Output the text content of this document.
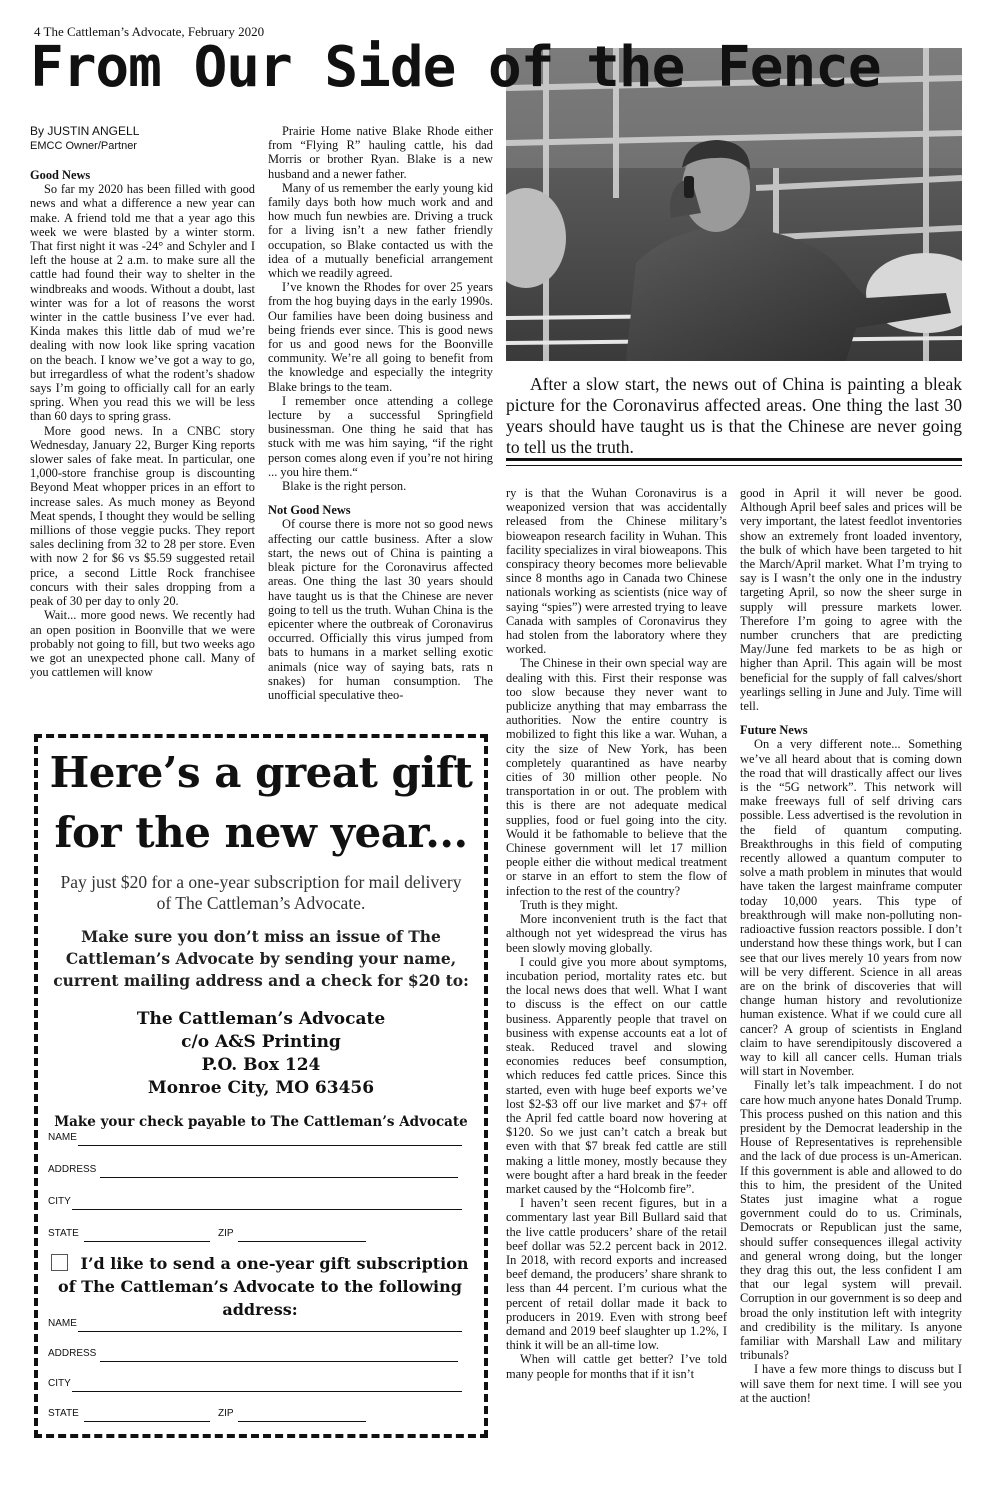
4 The Cattleman’s Advocate, February 2020
From Our Side of the Fence
After a slow start, the news out of China is painting a bleak picture for the Coronavirus affected areas. One thing the last 30 years should have taught us is that the Chinese are never going to tell us the truth.
By JUSTIN ANGELL
EMCC Owner/Partner
Good News

So far my 2020 has been filled with good news and what a difference a new year can make. A friend told me that a year ago this week we were blasted by a winter storm. That first night it was -24° and Schyler and I left the house at 2 a.m. to make sure all the cattle had found their way to shelter in the windbreaks and woods. Without a doubt, last winter was for a lot of reasons the worst winter in the cattle business I’ve ever had. Kinda makes this little dab of mud we’re dealing with now look like spring vacation on the beach. I know we’ve got a way to go, but irregardless of what the rodent’s shadow says I’m going to officially call for an early spring. When you read this we will be less than 60 days to spring grass.

More good news. In a CNBC story Wednesday, January 22, Burger King reports slower sales of fake meat. In particular, one 1,000-store franchise group is discounting Beyond Meat whopper prices in an effort to increase sales. As much money as Beyond Meat spends, I thought they would be selling millions of those veggie pucks. They report sales declining from 32 to 28 per store. Even with now 2 for $6 vs $5.59 suggested retail price, a second Little Rock franchisee concurs with their sales dropping from a peak of 30 per day to only 20.

Wait... more good news. We recently had an open position in Boonville that we were probably not going to fill, but two weeks ago we got an unexpected phone call. Many of you cattlemen will know

Prairie Home native Blake Rhode either from “Flying R” hauling cattle, his dad Morris or brother Ryan. Blake is a new husband and a newer father.

Many of us remember the early young kid family days both how much work and and how much fun newbies are. Driving a truck for a living isn’t a new father friendly occupation, so Blake contacted us with the idea of a mutually beneficial arrangement which we readily agreed.

I’ve known the Rhodes for over 25 years from the hog buying days in the early 1990s. Our families have been doing business and being friends ever since. This is good news for us and good news for the Boonville community. We’re all going to benefit from the knowledge and especially the integrity Blake brings to the team.

I remember once attending a college lecture by a successful Springfield businessman. One thing he said that has stuck with me was him saying, “if the right person comes along even if you’re not hiring ... you hire them.“

Blake is the right person.

Not Good News

Of course there is more not so good news affecting our cattle business. After a slow start, the news out of China is painting a bleak picture for the Coronavirus affected areas. One thing the last 30 years should have taught us is that the Chinese are never going to tell us the truth. Wuhan China is the epicenter where the outbreak of Coronavirus occurred. Officially this virus jumped from bats to humans in a market selling exotic animals (nice way of saying bats, rats n snakes) for human consumption. The unofficial speculative theo-

ry is that the Wuhan Coronavirus is a weaponized version that was accidentally released from the Chinese military’s bioweapon research facility in Wuhan. This facility specializes in viral bioweapons. This conspiracy theory becomes more believable since 8 months ago in Canada two Chinese nationals working as scientists (nice way of saying “spies”) were arrested trying to leave Canada with samples of Coronavirus they had stolen from the laboratory where they worked.

The Chinese in their own special way are dealing with this. First their response was too slow because they never want to publicize anything that may embarrass the authorities. Now the entire country is mobilized to fight this like a war. Wuhan, a city the size of New York, has been completely quarantined as have nearby cities of 30 million other people. No transportation in or out. The problem with this is there are not adequate medical supplies, food or fuel going into the city. Would it be fathomable to believe that the Chinese government will let 17 million people either die without medical treatment or starve in an effort to stem the flow of infection to the rest of the country?

Truth is they might.

More inconvenient truth is the fact that although not yet widespread the virus has been slowly moving globally.

I could give you more about symptoms, incubation period, mortality rates etc. but the local news does that well. What I want to discuss is the effect on our cattle business. Apparently people that travel on business with expense accounts eat a lot of steak. Reduced travel and slowing economies reduces beef consumption, which reduces fed cattle prices. Since this started, even with huge beef exports we’ve lost $2-$3 off our live market and $7+ off the April fed cattle board now hovering at $120. So we just can’t catch a break but even with that $7 break fed cattle are still making a little money, mostly because they were bought after a hard break in the feeder market caused by the “Holcomb fire”.

I haven’t seen recent figures, but in a commentary last year Bill Bullard said that the live cattle producers’ share of the retail beef dollar was 52.2 percent back in 2012. In 2018, with record exports and increased beef demand, the producers’ share shrank to less than 44 percent. I’m curious what the percent of retail dollar made it back to producers in 2019. Even with strong beef demand and 2019 beef slaughter up 1.2%, I think it will be an all-time low.

When will cattle get better? I’ve told many people for months that if it isn’t

good in April it will never be good. Although April beef sales and prices will be very important, the latest feedlot inventories show an extremely front loaded inventory, the bulk of which have been targeted to hit the March/April market. What I’m trying to say is I wasn’t the only one in the industry targeting April, so now the sheer surge in supply will pressure markets lower. Therefore I’m going to agree with the number crunchers that are predicting May/June fed markets to be as high or higher than April. This again will be most beneficial for the supply of fall calves/short yearlings selling in June and July. Time will tell.

Future News

On a very different note... Something we’ve all heard about that is coming down the road that will drastically affect our lives is the “5G network”. This network will make freeways full of self driving cars possible. Less advertised is the revolution in the field of quantum computing. Breakthroughs in this field of computing recently allowed a quantum computer to solve a math problem in minutes that would have taken the largest mainframe computer today 10,000 years. This type of breakthrough will make non-polluting non-radioactive fussion reactors possible. I don’t understand how these things work, but I can see that our lives merely 10 years from now will be very different. Science in all areas are on the brink of discoveries that will change human history and revolutionize human existence. What if we could cure all cancer? A group of scientists in England claim to have serendipitously discovered a way to kill all cancer cells. Human trials will start in November.

Finally let’s talk impeachment. I do not care how much anyone hates Donald Trump. This process pushed on this nation and this president by the Democrat leadership in the House of Representatives is reprehensible and the lack of due process is un-American. If this government is able and allowed to do this to him, the president of the United States just imagine what a rogue government could do to us. Criminals, Democrats or Republican just the same, should suffer consequences illegal activity and general wrong doing, but the longer they drag this out, the less confident I am that our legal system will prevail. Corruption in our government is so deep and broad the only institution left with integrity and credibility is the military. Is anyone familiar with Marshall Law and military tribunals?

I have a few more things to discuss but I will save them for next time. I will see you at the auction!

Here’s a great gift
for the new year...
Pay just $20 for a one-year subscription for mail delivery of The Cattleman’s Advocate.
Make sure you don’t miss an issue of The Cattleman’s Advocate by sending your name, current mailing address and a check for $20 to:
The Cattleman’s Advocate
c/o A&S Printing
P.O. Box 124
Monroe City, MO 63456
Make your check payable to The Cattleman’s Advocate
NAME
ADDRESS
CITY
STATE	ZIP
I’d like to send a one-year gift subscription
of The Cattleman’s Advocate to the following address:
NAME
ADDRESS
CITY
STATE	ZIP
